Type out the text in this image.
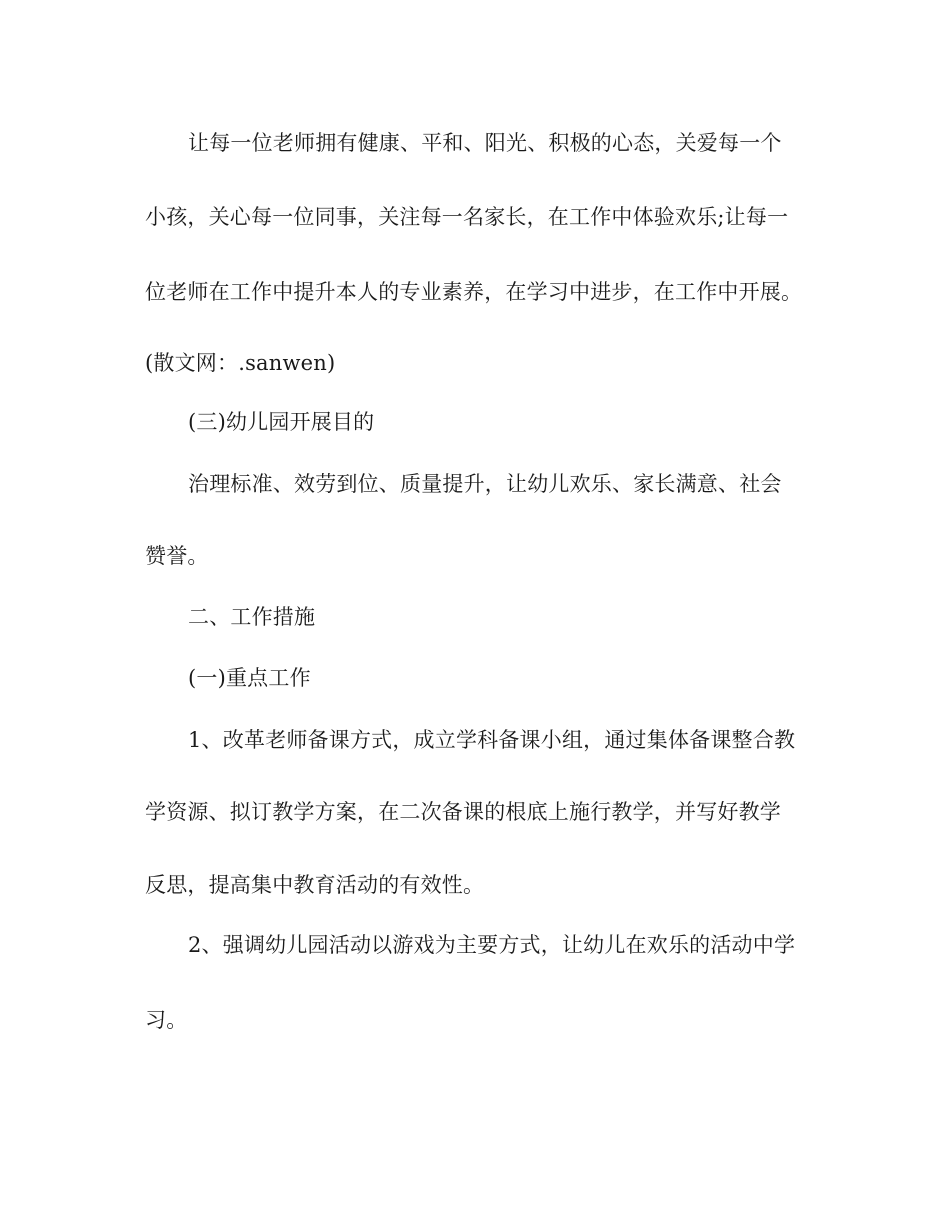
让每一位老师拥有健康、平和、阳光、积极的心态，关爱每一个
小孩，关心每一位同事，关注每一名家长，在工作中体验欢乐;让每一
位老师在工作中提升本人的专业素养，在学习中进步，在工作中开展。
(散文网：.sanwen)
(三)幼儿园开展目的
治理标准、效劳到位、质量提升，让幼儿欢乐、家长满意、社会
赞誉。
二、工作措施
(一)重点工作
1、改革老师备课方式，成立学科备课小组，通过集体备课整合教
学资源、拟订教学方案，在二次备课的根底上施行教学，并写好教学
反思，提高集中教育活动的有效性。
2、强调幼儿园活动以游戏为主要方式，让幼儿在欢乐的活动中学
习。
